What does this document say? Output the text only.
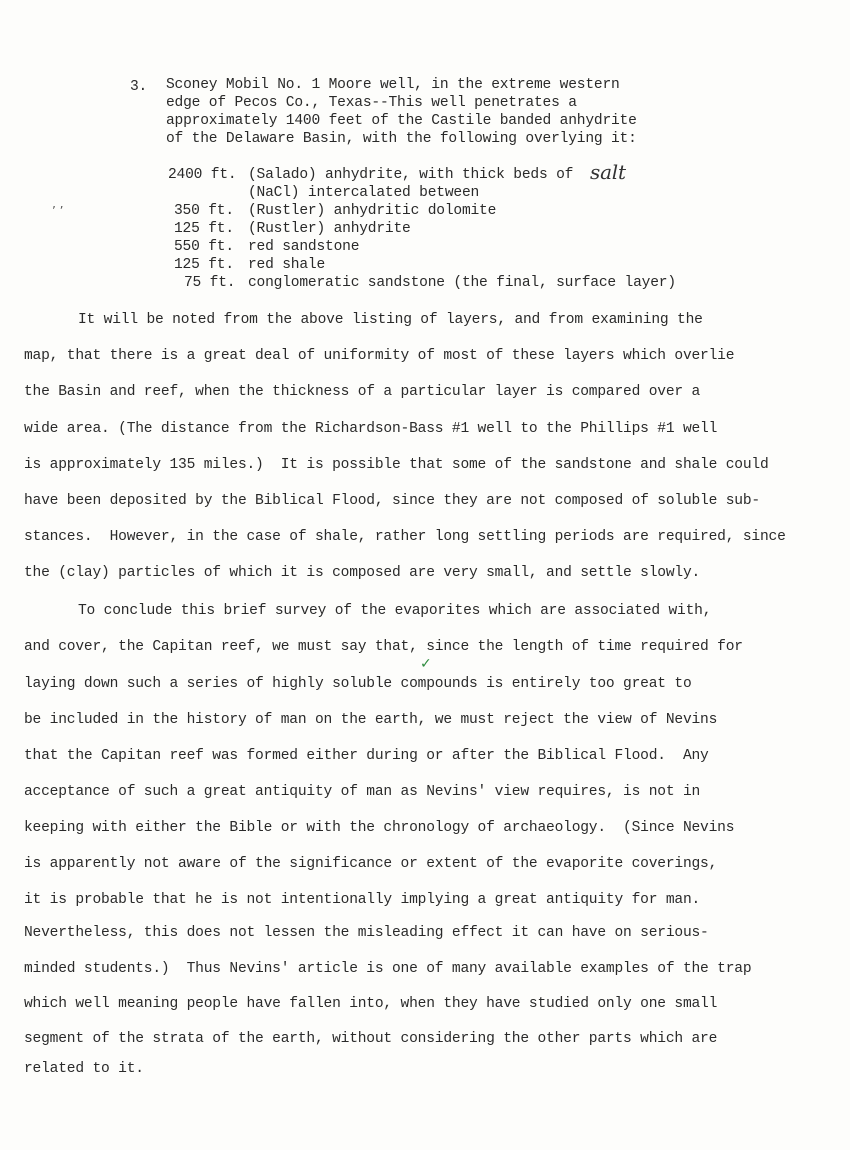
3. Sconey Mobil No. 1 Moore well, in the extreme western
edge of Pecos Co., Texas--This well penetrates a
approximately 1400 feet of the Castile banded anhydrite
of the Delaware Basin, with the following overlying it:
2400 ft. (Salado) anhydrite, with thick beds of salt
(NaCl) intercalated between
350 ft. (Rustler) anhydritic dolomite
125 ft. (Rustler) anhydrite
550 ft. red sandstone
125 ft. red shale
75 ft. conglomeratic sandstone (the final, surface layer)
’ ’
It will be noted from the above listing of layers, and from examining the
map, that there is a great deal of uniformity of most of these layers which overlie
the Basin and reef, when the thickness of a particular layer is compared over a
wide area. (The distance from the Richardson-Bass #1 well to the Phillips #1 well
is approximately 135 miles.)  It is possible that some of the sandstone and shale could
have been deposited by the Biblical Flood, since they are not composed of soluble sub-
stances.  However, in the case of shale, rather long settling periods are required, since
the (clay) particles of which it is composed are very small, and settle slowly.
To conclude this brief survey of the evaporites which are associated with,
and cover, the Capitan reef, we must say that, since the length of time required for
✓
laying down such a series of highly soluble compounds is entirely too great to
be included in the history of man on the earth, we must reject the view of Nevins
that the Capitan reef was formed either during or after the Biblical Flood.  Any
acceptance of such a great antiquity of man as Nevins' view requires, is not in
keeping with either the Bible or with the chronology of archaeology.  (Since Nevins
is apparently not aware of the significance or extent of the evaporite coverings,
it is probable that he is not intentionally implying a great antiquity for man.
Nevertheless, this does not lessen the misleading effect it can have on serious-
minded students.)  Thus Nevins' article is one of many available examples of the trap
which well meaning people have fallen into, when they have studied only one small
segment of the strata of the earth, without considering the other parts which are
related to it.
